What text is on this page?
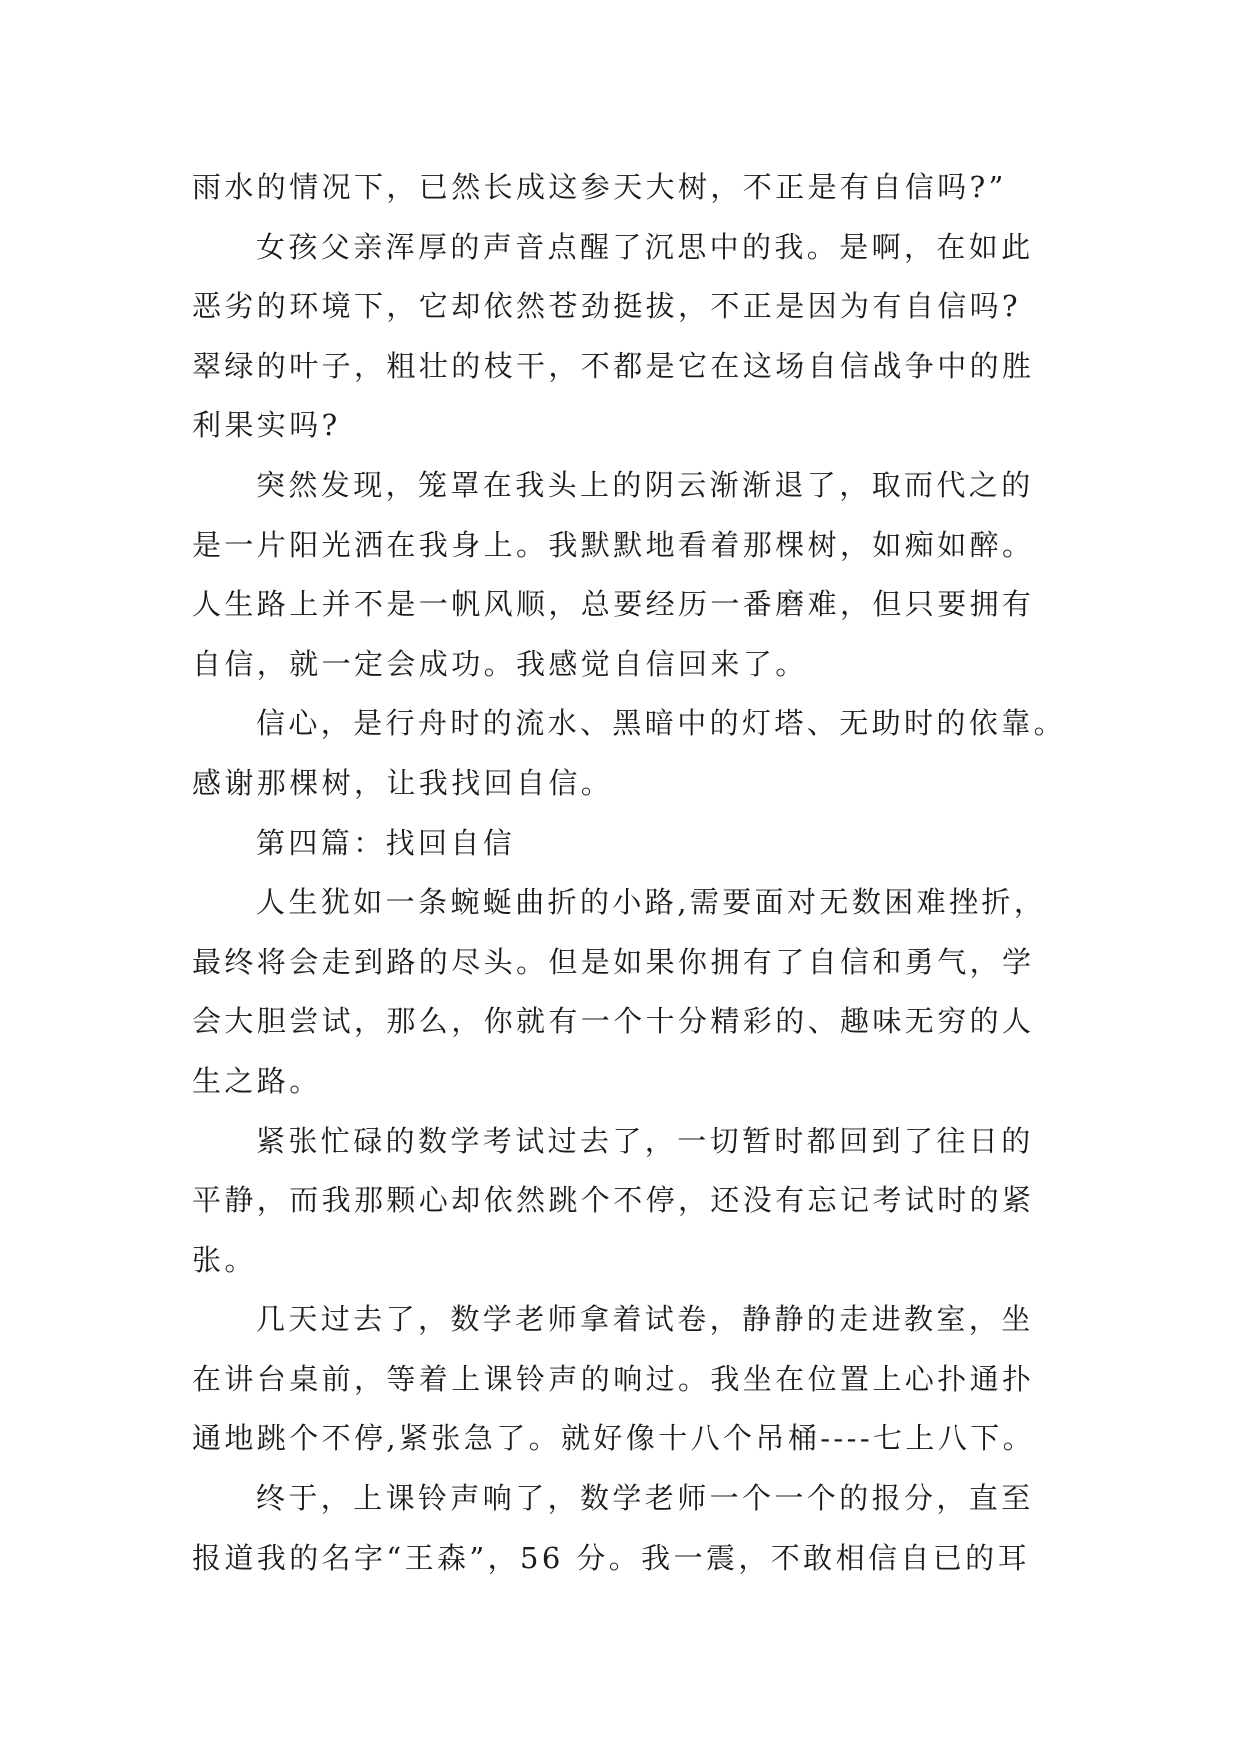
雨水的情况下，已然长成这参天大树，不正是有自信吗?”
女孩父亲浑厚的声音点醒了沉思中的我。是啊，在如此
恶劣的环境下，它却依然苍劲挺拔，不正是因为有自信吗?
翠绿的叶子，粗壮的枝干，不都是它在这场自信战争中的胜
利果实吗?
突然发现，笼罩在我头上的阴云渐渐退了，取而代之的
是一片阳光洒在我身上。我默默地看着那棵树，如痴如醉。
人生路上并不是一帆风顺，总要经历一番磨难，但只要拥有
自信，就一定会成功。我感觉自信回来了。
信心，是行舟时的流水、黑暗中的灯塔、无助时的依靠。
感谢那棵树，让我找回自信。
第四篇：找回自信
人生犹如一条蜿蜒曲折的小路,需要面对无数困难挫折，
最终将会走到路的尽头。但是如果你拥有了自信和勇气，学
会大胆尝试，那么，你就有一个十分精彩的、趣味无穷的人
生之路。
紧张忙碌的数学考试过去了，一切暂时都回到了往日的
平静，而我那颗心却依然跳个不停，还没有忘记考试时的紧
张。
几天过去了，数学老师拿着试卷，静静的走进教室，坐
在讲台桌前，等着上课铃声的响过。我坐在位置上心扑通扑
通地跳个不停,紧张急了。就好像十八个吊桶----七上八下。
终于，上课铃声响了，数学老师一个一个的报分，直至
报道我的名字“王森”，56 分。我一震，不敢相信自已的耳
